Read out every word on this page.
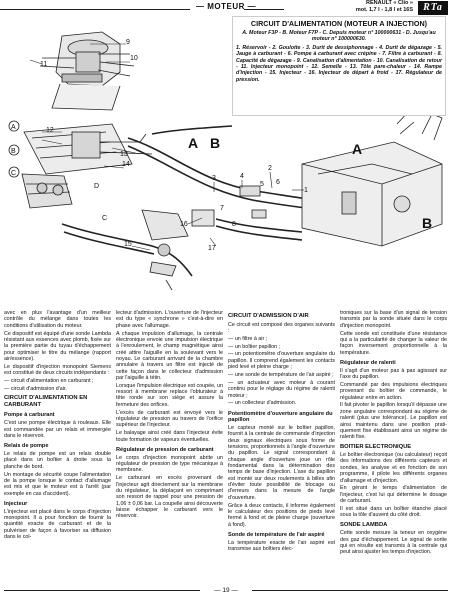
— MOTEUR —	RENAULT « Clio »
mot. 1,7 l - 1,8 l et 16S	RTa
A
B
C
11
9
10
12
13
14
15
16
17
1
2
3	4
5 6
7
8
D
C
A B	A
B
CIRCUIT D'ALIMENTATION (MOTEUR A INJECTION)
A. Moteur F3P - B. Moteur F7P - C. Depuis moteur n° 100000631 - D. Jusqu'au moteur n° 100000630.
1. Réservoir - 2. Goulotte - 3. Durit de dessiphonnage - 4. Durit de dégazage - 5. Jauge à carburant - 6. Pompe à carburant avec crépine - 7. Filtre à carburant - 8. Capacité de dégazage - 9. Canalisation d'alimentation - 10. Canalisation de retour - 11. Injecteur monopoint - 12. Semelle - 13. Tôle pare-chaleur - 14. Rampe d'injection - 15. Injecteur - 16. Injecteur de départ à froid - 17. Régulateur de pression.

avec en plus l'avantage d'un meilleur contrôle du mélange dans toutes les conditions d'utilisation du moteur.

Ce dispositif est équipé d'une sonde Lambda résistant aux essences avec plomb, fixée sur la première partie du tuyau d'échappement pour optimiser le titre du mélange (rapport air/essence).

Le dispositif d'injection monopoint Siemens est constitué de deux circuits indépendants :

— circuit d'alimentation en carburant ;

— circuit d'admission d'air.

CIRCUIT D'ALIMENTATION EN CARBURANT
Pompe à carburant

C'est une pompe électrique à rouleaux. Elle est commandée par un relais et immergée dans le réservoir.

Relais de pompe

Le relais de pompe est un relais double placé dans un boîtier à droite sous la planche de bord.

Un montage de sécurité coupe l'alimentation de la pompe lorsque le contact d'allumage est mis et que le moteur est à l'arrêt (par exemple en cas d'accident).

Injecteur

L'injecteur est placé dans le corps d'injection monopoint. Il a pour fonction de fournir la quantité exacte de carburant et de la pulvériser de façon à favoriser sa diffusion dans le col-

lecteur d'admission. L'ouverture de l'injecteur est du type « synchrone » c'est-à-dire en phase avec l'allumage.

A chaque impulsion d'allumage, la centrale électronique envoie une impulsion électrique à l'enroulement, le champ magnétique ainsi créé attire l'aiguille en la soulevant vers le noyau. Le carburant arrivant de la chambre annulaire à travers un filtre est injecté de cette façon dans le collecteur d'admission par l'aiguille à tétin.

Lorsque l'impulsion électrique est coupée, un ressort à membrane replace l'obturateur à tête ronde sur son siège et assure la fermeture des orifices.

L'excès de carburant est envoyé vers le régulateur de pression au travers de l'orifice supérieur de l'injecteur.

Le balayage ainsi créé dans l'injecteur évite toute formation de vapeurs éventuelles.

Régulateur de pression de carburant

Le corps d'injection monopoint abrite un régulateur de pression de type mécanique à membrane.

Le carburant en excès provenant de l'injecteur agit directement sur la membrane du régulateur, la déplaçant en comprimant son ressort de rappel pour une pression de 1,06 ± 0,06 bar. La coupelle ainsi découverte laisse échapper le carburant vers le réservoir.

CIRCUIT D'ADMISSION D'AIR

Ce circuit est composé des organes suivants :

— un filtre à air ;

— un boîtier papillon ;

— un potentiomètre d'ouverture angulaire du papillon. Il comprend également les contacts pied levé et pleine charge ;

— une sonde de température de l'air aspiré ;

— un actuateur avec moteur à courant continu pour le réglage du régime de ralenti moteur ;

— un collecteur d'admission.

Potentiomètre d'ouverture angulaire du papillon

Le capteur monté sur le boîtier papillon, fournit à la centrale de commande d'injection deux signaux électriques sous forme de tensions, proportionnels à l'angle d'ouverture du papillon. Le signal correspondant à chaque angle d'ouverture joue un rôle fondamental dans la détermination des temps de base d'injection. L'axe du papillon est monté sur deux roulements à billes afin d'éviter toute possibilité de blocage ou d'erreurs dans la mesure de l'angle d'ouverture.

Grâce à deux contacts, il informe également le calculateur des positions de pieds levé fermé à fond et de pleine charge (ouverture à fond).

Sonde de température de l'air aspiré

La température exacte de l'air aspiré est transmise aux boîtiers élec-

troniques sur la base d'un signal de tension transmis par la sonde située dans le corps d'injection monopoint.

Cette sonde est constituée d'une résistance qui a la particularité de changer la valeur de façon inversement proportionnelle à la température.

Régulateur de ralenti

Il s'agit d'un moteur pas à pas agissant sur l'axe du papillon.

Commandé par des impulsions électriques provenant du boîtier de commande, le régulateur entre en action.

Il fait pivoter le papillon lorsqu'il dépasse une zone angulaire correspondant au régime de ralenti (plus une tolérance). Le papillon est ainsi maintenu dans une position prati-quement fixe établissant ainsi un régime de ralenti fixe.

BOITIER ELECTRONIQUE

Le boîtier électronique (ou calculateur) reçoit des informations des différents capteurs et sondes, les analyse et en fonction de son programme, il pilote les différents organes d'allumage et d'injection.

En gérant le temps d'alimentation de l'injecteur, c'est lui qui détermine le dosage de carburant.

Il est situé dans un boîtier étanche placé sous la tôle d'auvent du côté droit.

SONDE LAMBDA

Cette sonde mesure la teneur en oxygène des gaz d'échappement. Le signal de sortie qui en résulte est transmis à la centrale qui peut ainsi ajuster les temps d'injection.

— 19 —
